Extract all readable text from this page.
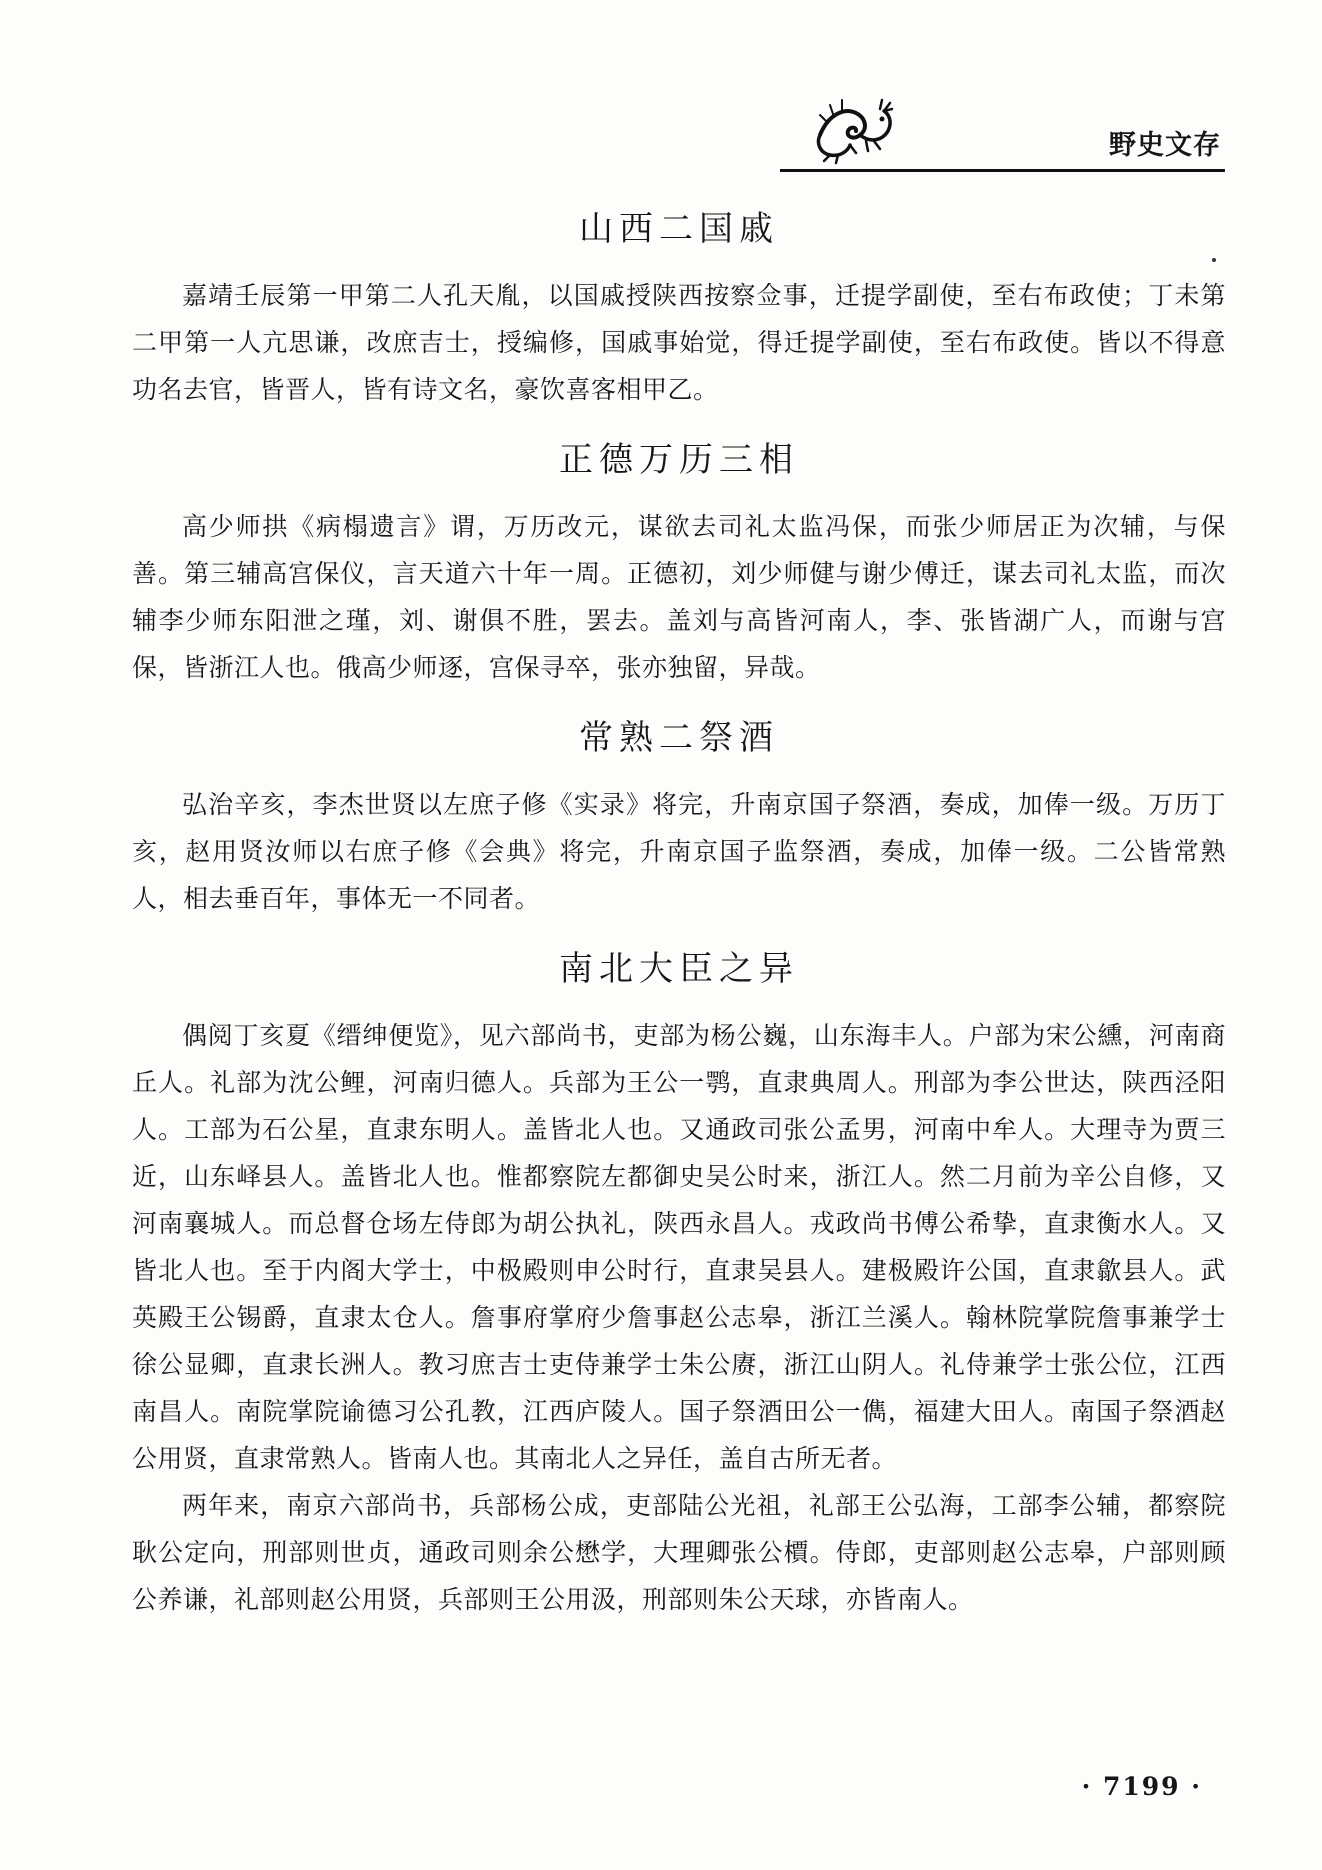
野史文存
山西二国戚

嘉靖壬辰第一甲第二人孔天胤，以国戚授陕西按察佥事，迁提学副使，至右布政使；丁未第二甲第一人亢思谦，改庶吉士，授编修，国戚事始觉，得迁提学副使，至右布政使。皆以不得意功名去官，皆晋人，皆有诗文名，豪饮喜客相甲乙。

正德万历三相

高少师拱《病榻遗言》谓，万历改元，谋欲去司礼太监冯保，而张少师居正为次辅，与保善。第三辅高宫保仪，言天道六十年一周。正德初，刘少师健与谢少傅迁，谋去司礼太监，而次辅李少师东阳泄之瑾，刘、谢俱不胜，罢去。盖刘与高皆河南人，李、张皆湖广人，而谢与宫保，皆浙江人也。俄高少师逐，宫保寻卒，张亦独留，异哉。

常熟二祭酒

弘治辛亥，李杰世贤以左庶子修《实录》将完，升南京国子祭酒，奏成，加俸一级。万历丁亥，赵用贤汝师以右庶子修《会典》将完，升南京国子监祭酒，奏成，加俸一级。二公皆常熟人，相去垂百年，事体无一不同者。

南北大臣之异

偶阅丁亥夏《缙绅便览》，见六部尚书，吏部为杨公巍，山东海丰人。户部为宋公纁，河南商丘人。礼部为沈公鲤，河南归德人。兵部为王公一鹗，直隶典周人。刑部为李公世达，陕西泾阳人。工部为石公星，直隶东明人。盖皆北人也。又通政司张公孟男，河南中牟人。大理寺为贾三近，山东峄县人。盖皆北人也。惟都察院左都御史吴公时来，浙江人。然二月前为辛公自修，又河南襄城人。而总督仓场左侍郎为胡公执礼，陕西永昌人。戎政尚书傅公希挚，直隶衡水人。又皆北人也。至于内阁大学士，中极殿则申公时行，直隶吴县人。建极殿许公国，直隶歙县人。武英殿王公锡爵，直隶太仓人。詹事府掌府少詹事赵公志皋，浙江兰溪人。翰林院掌院詹事兼学士徐公显卿，直隶长洲人。教习庶吉士吏侍兼学士朱公赓，浙江山阴人。礼侍兼学士张公位，江西南昌人。南院掌院谕德习公孔教，江西庐陵人。国子祭酒田公一儁，福建大田人。南国子祭酒赵公用贤，直隶常熟人。皆南人也。其南北人之异任，盖自古所无者。

两年来，南京六部尚书，兵部杨公成，吏部陆公光祖，礼部王公弘海，工部李公辅，都察院耿公定向，刑部则世贞，通政司则余公懋学，大理卿张公檟。侍郎，吏部则赵公志皋，户部则顾公养谦，礼部则赵公用贤，兵部则王公用汲，刑部则朱公天球，亦皆南人。

· 7199 ·
